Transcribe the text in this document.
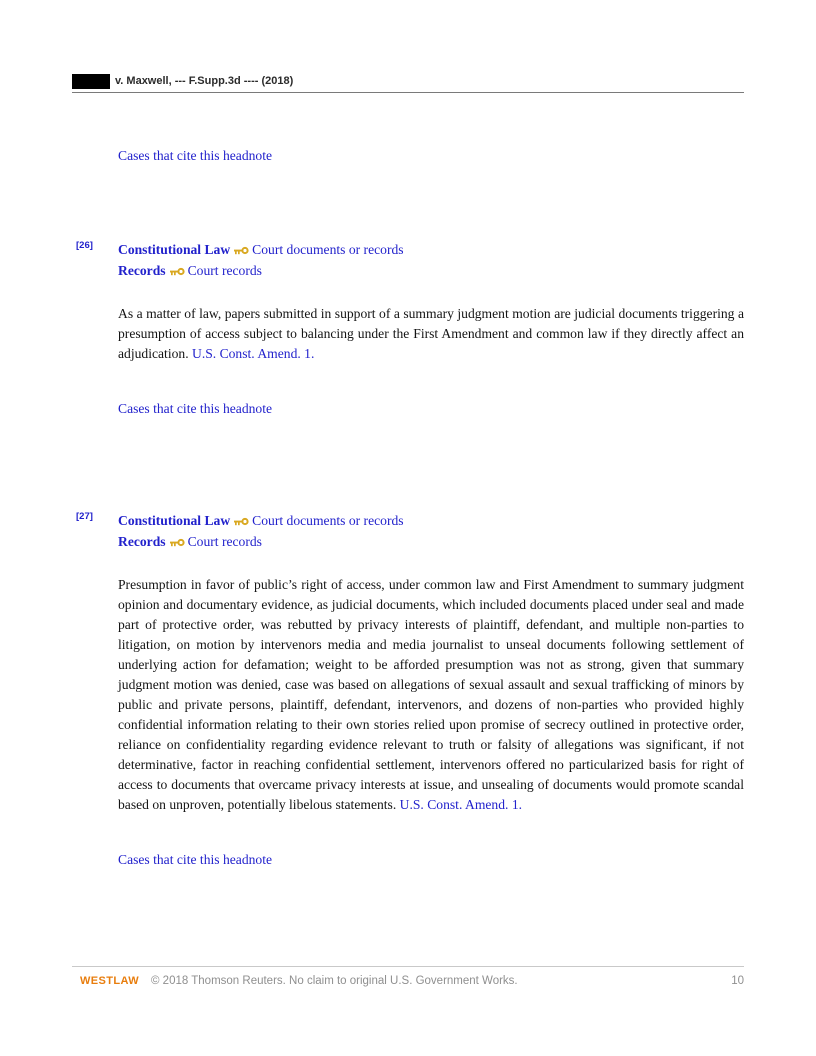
v. Maxwell, --- F.Supp.3d ---- (2018)
Cases that cite this headnote
[26] Constitutional Law Court documents or records
Records Court records

As a matter of law, papers submitted in support of a summary judgment motion are judicial documents triggering a presumption of access subject to balancing under the First Amendment and common law if they directly affect an adjudication. U.S. Const. Amend. 1.

Cases that cite this headnote
[27] Constitutional Law Court documents or records
Records Court records

Presumption in favor of public’s right of access, under common law and First Amendment to summary judgment opinion and documentary evidence, as judicial documents, which included documents placed under seal and made part of protective order, was rebutted by privacy interests of plaintiff, defendant, and multiple non-parties to litigation, on motion by intervenors media and media journalist to unseal documents following settlement of underlying action for defamation; weight to be afforded presumption was not as strong, given that summary judgment motion was denied, case was based on allegations of sexual assault and sexual trafficking of minors by public and private persons, plaintiff, defendant, intervenors, and dozens of non-parties who provided highly confidential information relating to their own stories relied upon promise of secrecy outlined in protective order, reliance on confidentiality regarding evidence relevant to truth or falsity of allegations was significant, if not determinative, factor in reaching confidential settlement, intervenors offered no particularized basis for right of access to documents that overcame privacy interests at issue, and unsealing of documents would promote scandal based on unproven, potentially libelous statements. U.S. Const. Amend. 1.

Cases that cite this headnote
WESTLAW © 2018 Thomson Reuters. No claim to original U.S. Government Works.	10
